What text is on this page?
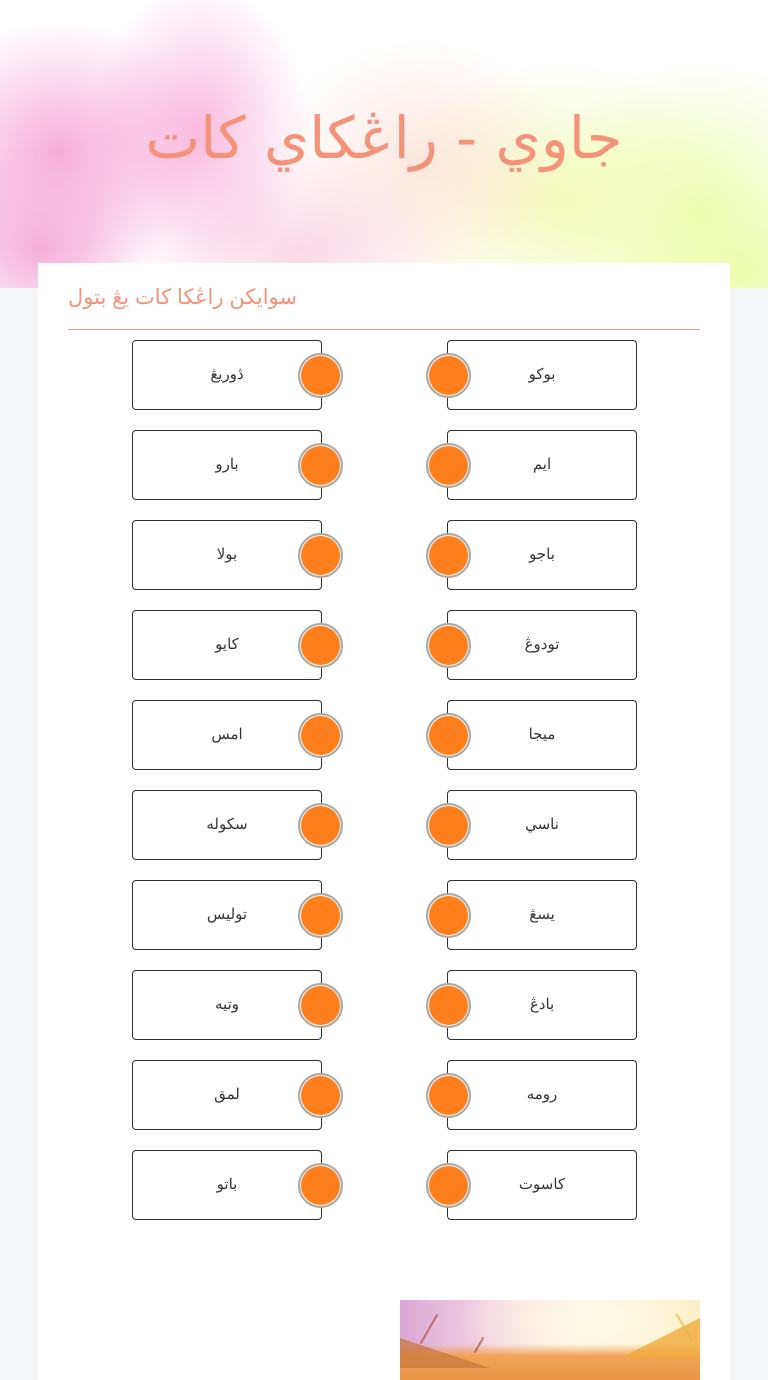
جاوي - راڠكاي كات
سوايكن راڠكا كات يڠ بتول
ڎوريڠ	بوكو
بارو	ايم
بولا	باجو
كايو	تودوڠ
امس	ميجا
سكوله	ناسي
توليس	يسڠ
وتيه	بادڠ
لمق	رومه
باتو	كاسوت
